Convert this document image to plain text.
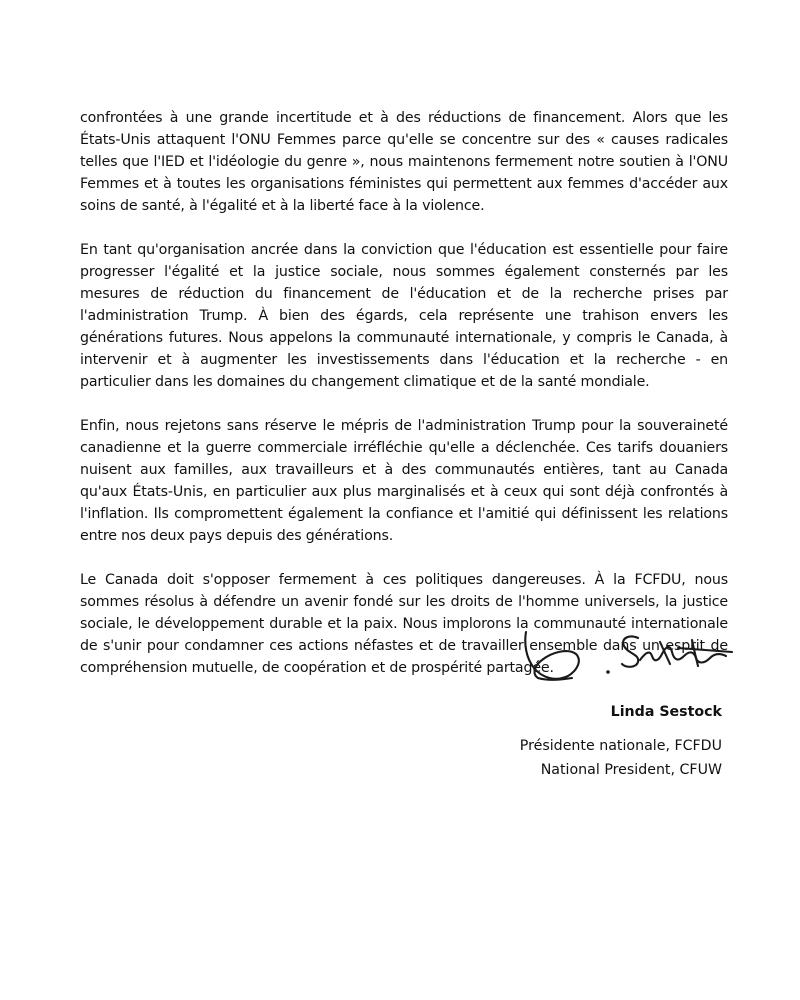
confrontées à une grande incertitude et à des réductions de financement. Alors que les États-Unis attaquent l'ONU Femmes parce qu'elle se concentre sur des « causes radicales telles que l'IED et l'idéologie du genre », nous maintenons fermement notre soutien à l'ONU Femmes et à toutes les organisations féministes qui permettent aux femmes d'accéder aux soins de santé, à l'égalité et à la liberté face à la violence.

En tant qu'organisation ancrée dans la conviction que l'éducation est essentielle pour faire progresser l'égalité et la justice sociale, nous sommes également consternés par les mesures de réduction du financement de l'éducation et de la recherche prises par l'administration Trump. À bien des égards, cela représente une trahison envers les générations futures. Nous appelons la communauté internationale, y compris le Canada, à intervenir et à augmenter les investissements dans l'éducation et la recherche - en particulier dans les domaines du changement climatique et de la santé mondiale.

Enfin, nous rejetons sans réserve le mépris de l'administration Trump pour la souveraineté canadienne et la guerre commerciale irréfléchie qu'elle a déclenchée. Ces tarifs douaniers nuisent aux familles, aux travailleurs et à des communautés entières, tant au Canada qu'aux États-Unis, en particulier aux plus marginalisés et à ceux qui sont déjà confrontés à l'inflation. Ils compromettent également la confiance et l'amitié qui définissent les relations entre nos deux pays depuis des générations.

Le Canada doit s'opposer fermement à ces politiques dangereuses. À la FCFDU, nous sommes résolus à défendre un avenir fondé sur les droits de l'homme universels, la justice sociale, le développement durable et la paix. Nous implorons la communauté internationale de s'unir pour condamner ces actions néfastes et de travailler ensemble dans un esprit de compréhension mutuelle, de coopération et de prospérité partagée.

Linda Sestock
Présidente nationale, FCFDU
National President, CFUW
